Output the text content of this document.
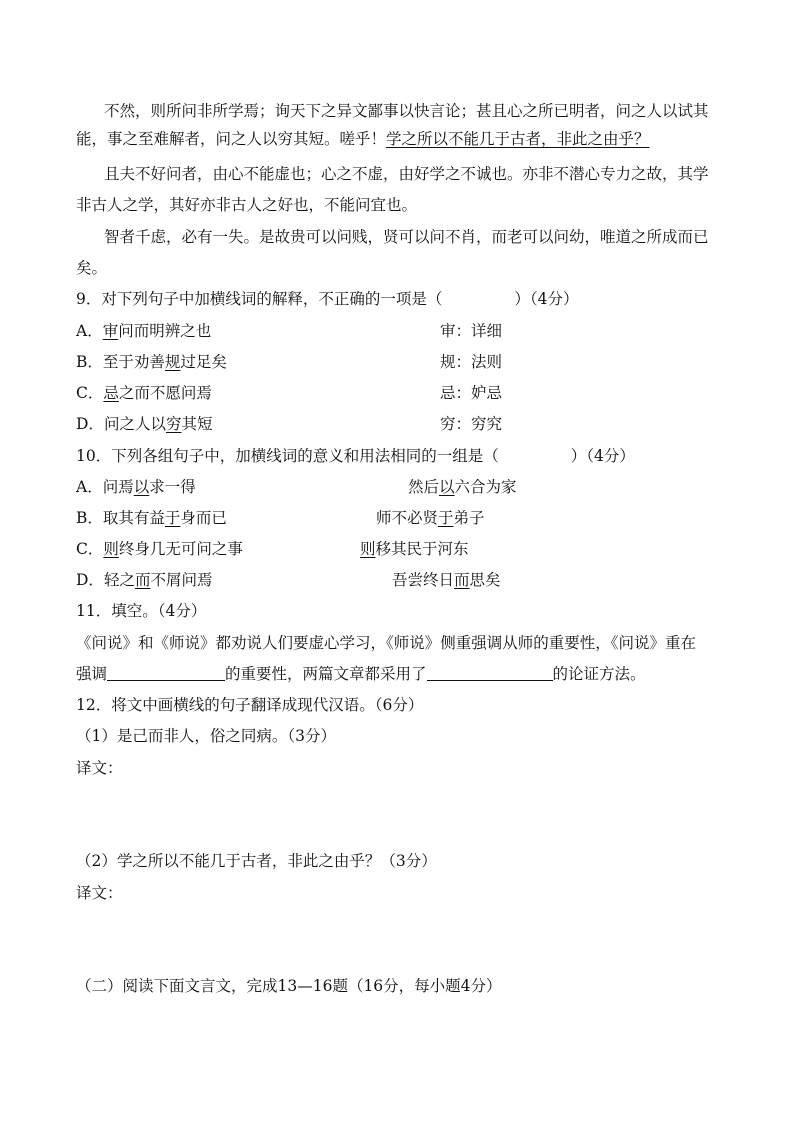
不然，则所问非所学焉；询天下之异文鄙事以快言论；甚且心之所已明者，问之人以试其
能，事之至难解者，问之人以穷其短。嗟乎！学之所以不能几于古者，非此之由乎？
且夫不好问者，由心不能虚也；心之不虚，由好学之不诚也。亦非不潜心专力之故，其学
非古人之学，其好亦非古人之好也，不能问宜也。
智者千虑，必有一失。是故贵可以问贱，贤可以问不肖，而老可以问幼，唯道之所成而已
矣。
9．对下列句子中加横线词的解释，不正确的一项是（	）（4分）
A．审问而明辨之也	审：详细
B．至于劝善规过足矣	规：法则
C．忌之而不愿问焉	忌：妒忌
D．问之人以穷其短	穷：穷究
10．下列各组句子中，加横线词的意义和用法相同的一组是（	）（4分）
A．问焉以求一得	然后以六合为家
B．取其有益于身而已	师不必贤于弟子
C．则终身几无可问之事	则移其民于河东
D．轻之而不屑问焉	吾尝终日而思矣
11．填空。（4分）
《问说》和《师说》都劝说人们要虚心学习，《师说》侧重强调从师的重要性，《问说》重在
强调	的重要性，两篇文章都采用了	的论证方法。
12．将文中画横线的句子翻译成现代汉语。（6分）
（1）是己而非人，俗之同病。（3分）
译文：
（2）学之所以不能几于古者，非此之由乎？（3分）
译文：
（二）阅读下面文言文，完成13—16题（16分，每小题4分）
